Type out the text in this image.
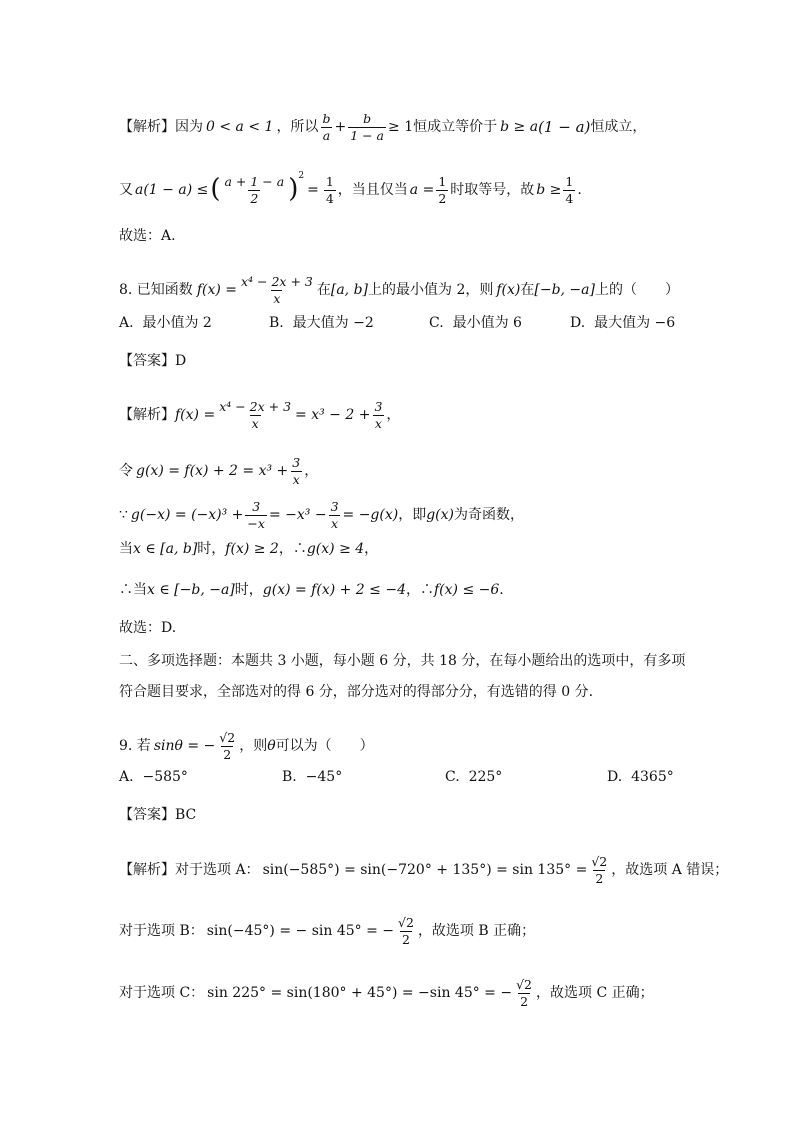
【解析】 因为 0 < a < 1 ，所以 $\frac{b}{a} + \frac{b}{1 - a} \ge 1$恒成立等价于 b ≥ a (1 − a) 恒成立，
又 a(1 − a) ≤ ( $\frac{a + 1 - a}{2} )^2$
= $\frac{1}{4}$ ，当且仅当 $a = \frac{1}{2}$ 时取等号，故 $b \ge \frac{1}{4}$ .
故选：A.
8. 已知函数 $f(x) = \frac{\text{x⁴ − 2x + 3}}{x}$ 在 [a, b] 上的最小值为 2，则 f(x) 在 [−b, −a] 上的（　　）
A. 最小值为 2	B. 最大值为 −2	C. 最小值为 6	D. 最大值为 −6
【答案】D
【解析】 $f(x) = \frac{\text{x⁴ − 2x + 3}}{x} = x^3 - 2 + \frac{3}{x}$ ，
令 $g(x) = f(x) + 2 = x^3 + \frac{3}{x}$ ，
∵ $g(-x) = (-x)^3 + \frac{3}{-x} = -x^3 - \frac{3}{x} = -g(x)$ ，即 g(x) 为奇函数，
当 x ∈ [a, b] 时， f(x) ≥ 2 ，∴ g(x) ≥ 4 ，
∴当 x ∈ [−b, −a] 时， g(x) = f(x) + 2 ≤ −4 ，∴ f(x) ≤ −6 .
故选：D.
二、多项选择题：本题共 3 小题，每小题 6 分，共 18 分，在每小题给出的选项中，有多项
符合题目要求，全部选对的得 6 分，部分选对的得部分分，有选错的得 0 分.
9. 若 sinθ = − $\frac{√2}{2}$ ，则 θ 可以为（　　）
A. −585°	B. −45°	C. 225°	D. 4365°
【答案】BC
【解析】 对于选项 A： $\sin(-585^\circ) = \sin(-720^\circ + 135^\circ) = \sin 135^\circ = \frac{√2}{2}$ ，故选项 A 错误；
对于选项 B： sin(−45°) = − sin 45° = − $\frac{√2}{2}$ ，故选项 B 正确；
对于选项 C： sin 225° = sin(180° + 45°) = −sin 45° = − $\frac{√2}{2}$ ，故选项 C 正确；
